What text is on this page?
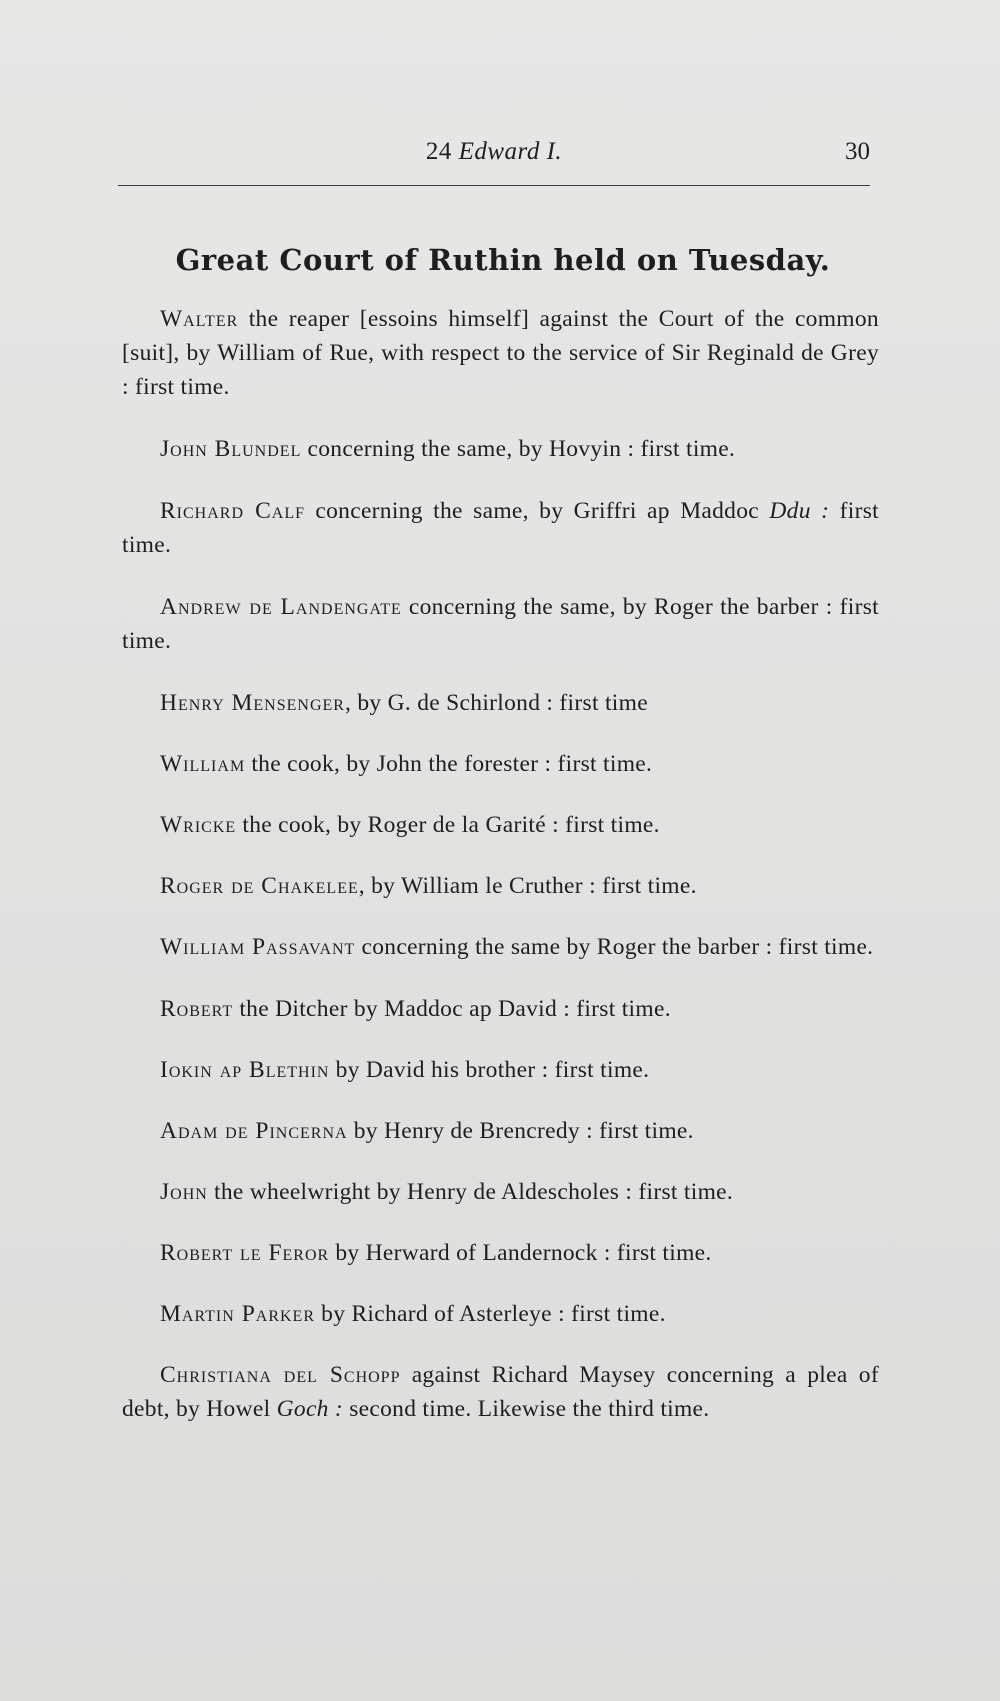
24 Edward I.	30
Great Court of Ruthin held on Tuesday.

Walter the reaper [essoins himself] against the Court of the common [suit], by William of Rue, with respect to the service of Sir Reginald de Grey : first time.

John Blundel concerning the same, by Hovyin : first time.

Richard Calf concerning the same, by Griffri ap Maddoc Ddu : first time.

Andrew de Landengate concerning the same, by Roger the barber : first time.

Henry Mensenger, by G. de Schirlond : first time

William the cook, by John the forester : first time.

Wricke the cook, by Roger de la Garité : first time.

Roger de Chakelee, by William le Cruther : first time.

William Passavant concerning the same by Roger the barber : first time.

Robert the Ditcher by Maddoc ap David : first time.

Iokin ap Blethin by David his brother : first time.

Adam de Pincerna by Henry de Brencredy : first time.

John the wheelwright by Henry de Aldescholes : first time.

Robert le Feror by Herward of Landernock : first time.

Martin Parker by Richard of Asterleye : first time.

Christiana del Schopp against Richard Maysey concerning a plea of debt, by Howel Goch : second time. Likewise the third time.
